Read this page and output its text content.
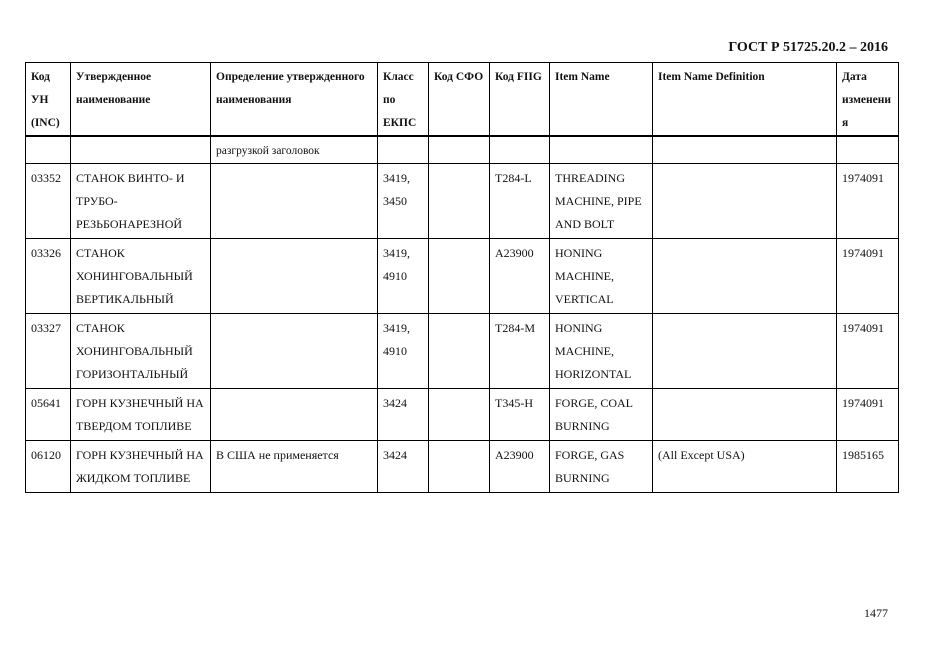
ГОСТ Р 51725.20.2 – 2016
Код УН (INC)	Утвержденное наименование	Определение утвержденного наименования	Класс по ЕКПС	Код СФО	Код FIIG	Item Name	Item Name Definition	Дата изменения
		разгрузкой заголовок						
03352	СТАНОК ВИНТО- И ТРУБО- РЕЗЬБОНАРЕЗНОЙ		3419, 3450		T284-L	THREADING MACHINE, PIPE AND BOLT		1974091
03326	СТАНОК ХОНИНГОВАЛЬНЫЙ ВЕРТИКАЛЬНЫЙ		3419, 4910		A23900	HONING MACHINE, VERTICAL		1974091
03327	СТАНОК ХОНИНГОВАЛЬНЫЙ ГОРИЗОНТАЛЬНЫЙ		3419, 4910		T284-M	HONING MACHINE, HORIZONTAL		1974091
05641	ГОРН КУЗНЕЧНЫЙ НА ТВЕРДОМ ТОПЛИВЕ		3424		T345-H	FORGE, COAL BURNING		1974091
06120	ГОРН КУЗНЕЧНЫЙ НА ЖИДКОМ ТОПЛИВЕ	В США не применяется	3424		A23900	FORGE, GAS BURNING	(All Except USA)	1985165
1477
